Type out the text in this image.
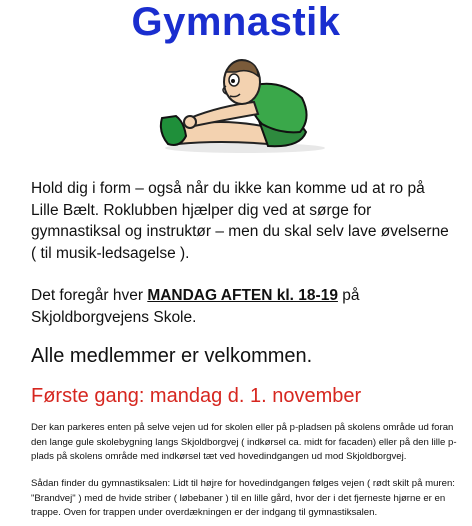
Gymnastik
Hold dig i form – også når du ikke kan komme ud at ro på Lille Bælt. Roklubben hjælper dig ved at sørge for gymnastiksal og instruktør – men du skal selv lave øvelserne ( til musik-ledsagelse ).
Det foregår hver MANDAG AFTEN kl. 18-19 på Skjoldborgvejens Skole.
Alle medlemmer er velkommen.
Første gang: mandag d. 1. november
Der kan parkeres enten på selve vejen ud for skolen eller på p-pladsen på skolens område ud foran den lange gule skolebygning langs Skjoldborgvej ( indkørsel ca. midt for facaden) eller på den lille p-plads på skolens område med indkørsel tæt ved hovedindgangen ud mod Skjoldborgvej.
Sådan finder du gymnastiksalen: Lidt til højre for hovedindgangen følges vejen ( rødt skilt på muren: "Brandvej" ) med de hvide striber ( løbebaner ) til en lille gård, hvor der i det fjerneste hjørne er en trappe. Oven for trappen under overdækningen er der indgang til gymnastiksalen.
